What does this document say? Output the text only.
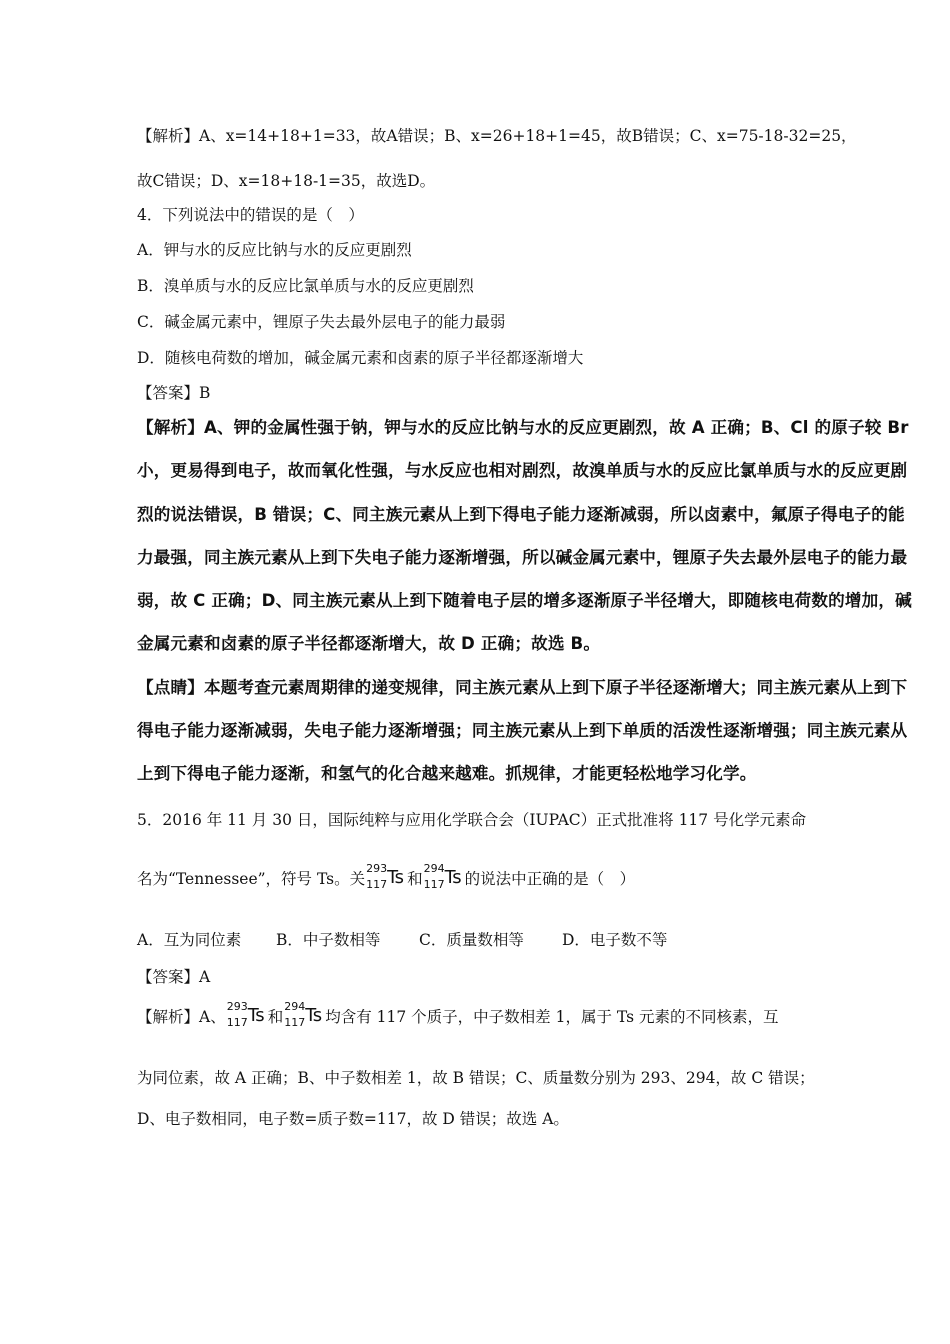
【解析】A、x=14+18+1=33，故A错误；B、x=26+18+1=45，故B错误；C、x=75-18-32=25，
故C错误；D、x=18+18-1=35，故选D。
4．下列说法中的错误的是（　）
A．钾与水的反应比钠与水的反应更剧烈
B．溴单质与水的反应比氯单质与水的反应更剧烈
C．碱金属元素中，锂原子失去最外层电子的能力最弱
D．随核电荷数的增加，碱金属元素和卤素的原子半径都逐渐增大
【答案】B
【解析】A、钾的金属性强于钠，钾与水的反应比钠与水的反应更剧烈，故 A 正确；B、Cl 的原子较 Br
小，更易得到电子，故而氧化性强，与水反应也相对剧烈，故溴单质与水的反应比氯单质与水的反应更剧
烈的说法错误，B 错误；C、同主族元素从上到下得电子能力逐渐减弱，所以卤素中，氟原子得电子的能
力最强，同主族元素从上到下失电子能力逐渐增强，所以碱金属元素中，锂原子失去最外层电子的能力最
弱，故 C 正确；D、同主族元素从上到下随着电子层的增多逐渐原子半径增大，即随核电荷数的增加，碱
金属元素和卤素的原子半径都逐渐增大，故 D 正确；故选 B。
【点睛】本题考查元素周期律的递变规律，同主族元素从上到下原子半径逐渐增大；同主族元素从上到下
得电子能力逐渐减弱，失电子能力逐渐增强；同主族元素从上到下单质的活泼性逐渐增强；同主族元素从
上到下得电子能力逐渐，和氢气的化合越来越难。抓规律，才能更轻松地学习化学。
5．2016 年 11 月 30 日，国际纯粹与应用化学联合会（IUPAC）正式批准将 117 号化学元素命
名为“Tennessee”，符号 Ts。关
293
117 Ts 和
294
117 Ts 的说法中正确的是（　）
A．互为同位素 B．中子数相等 C．质量数相等 D．电子数不等
【答案】A
【解析】A、
293
117 Ts 和
294
117 Ts 均含有 117 个质子，中子数相差 1，属于 Ts 元素的不同核素，互
为同位素，故 A 正确；B、中子数相差 1，故 B 错误；C、质量数分别为 293、294，故 C 错误；
D、电子数相同，电子数=质子数=117，故 D 错误；故选 A。
